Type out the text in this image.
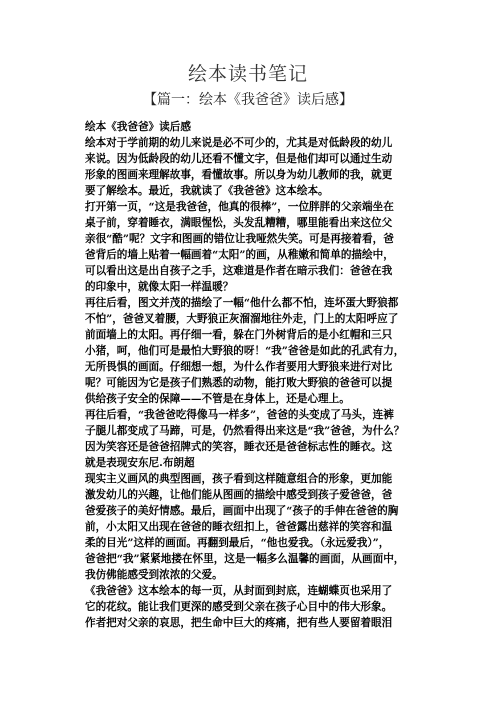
绘本读书笔记
【篇一：绘本《我爸爸》读后感】
绘本《我爸爸》读后感
绘本对于学前期的幼儿来说是必不可少的，尤其是对低龄段的幼儿
来说。因为低龄段的幼儿还看不懂文字，但是他们却可以通过生动
形象的图画来理解故事，看懂故事。所以身为幼儿教师的我，就更
要了解绘本。最近，我就读了《我爸爸》这本绘本。
打开第一页，“这是我爸爸，他真的很棒”，一位胖胖的父亲端坐在
桌子前，穿着睡衣，满眼惺忪，头发乱糟糟，哪里能看出来这位父
亲很“酷”呢？文字和图画的错位让我哑然失笑。可是再接着看，爸
爸背后的墙上贴着一幅画着“太阳”的画，从稚嫩和简单的描绘中，
可以看出这是出自孩子之手，这难道是作者在暗示我们：爸爸在我
的印象中，就像太阳一样温暖？
再往后看，图文并茂的描绘了一幅“他什么都不怕，连坏蛋大野狼都
不怕”，爸爸叉着腰，大野狼正灰溜溜地往外走，门上的太阳呼应了
前面墙上的太阳。再仔细一看，躲在门外树背后的是小红帽和三只
小猪，呵，他们可是最怕大野狼的呀！“我”爸爸是如此的孔武有力，
无所畏惧的画面。仔细想一想，为什么作者要用大野狼来进行对比
呢？可能因为它是孩子们熟悉的动物，能打败大野狼的爸爸可以提
供给孩子安全的保障——不管是在身体上，还是心理上。
再往后看，“我爸爸吃得像马一样多”，爸爸的头变成了马头，连裤
子腿儿都变成了马蹄，可是，仍然看得出来这是“我”爸爸，为什么？
因为笑容还是爸爸招牌式的笑容，睡衣还是爸爸标志性的睡衣。这
就是表现安东尼.布朗超
现实主义画风的典型图画，孩子看到这样随意组合的形象，更加能
激发幼儿的兴趣，让他们能从图画的描绘中感受到孩子爱爸爸，爸
爸爱孩子的美好情感。最后，画面中出现了“孩子的手伸在爸爸的胸
前，小太阳又出现在爸爸的睡衣纽扣上，爸爸露出慈祥的笑容和温
柔的目光”这样的画面。再翻到最后，“他也爱我。（永远爱我）”，
爸爸把“我”紧紧地搂在怀里，这是一幅多么温馨的画面，从画面中，
我仿佛能感受到浓浓的父爱。
《我爸爸》这本绘本的每一页，从封面到封底，连蝴蝶页也采用了
它的花纹。能让我们更深的感受到父亲在孩子心目中的伟大形象。
作者把对父亲的哀思，把生命中巨大的疼痛，把有些人要留着眼泪
